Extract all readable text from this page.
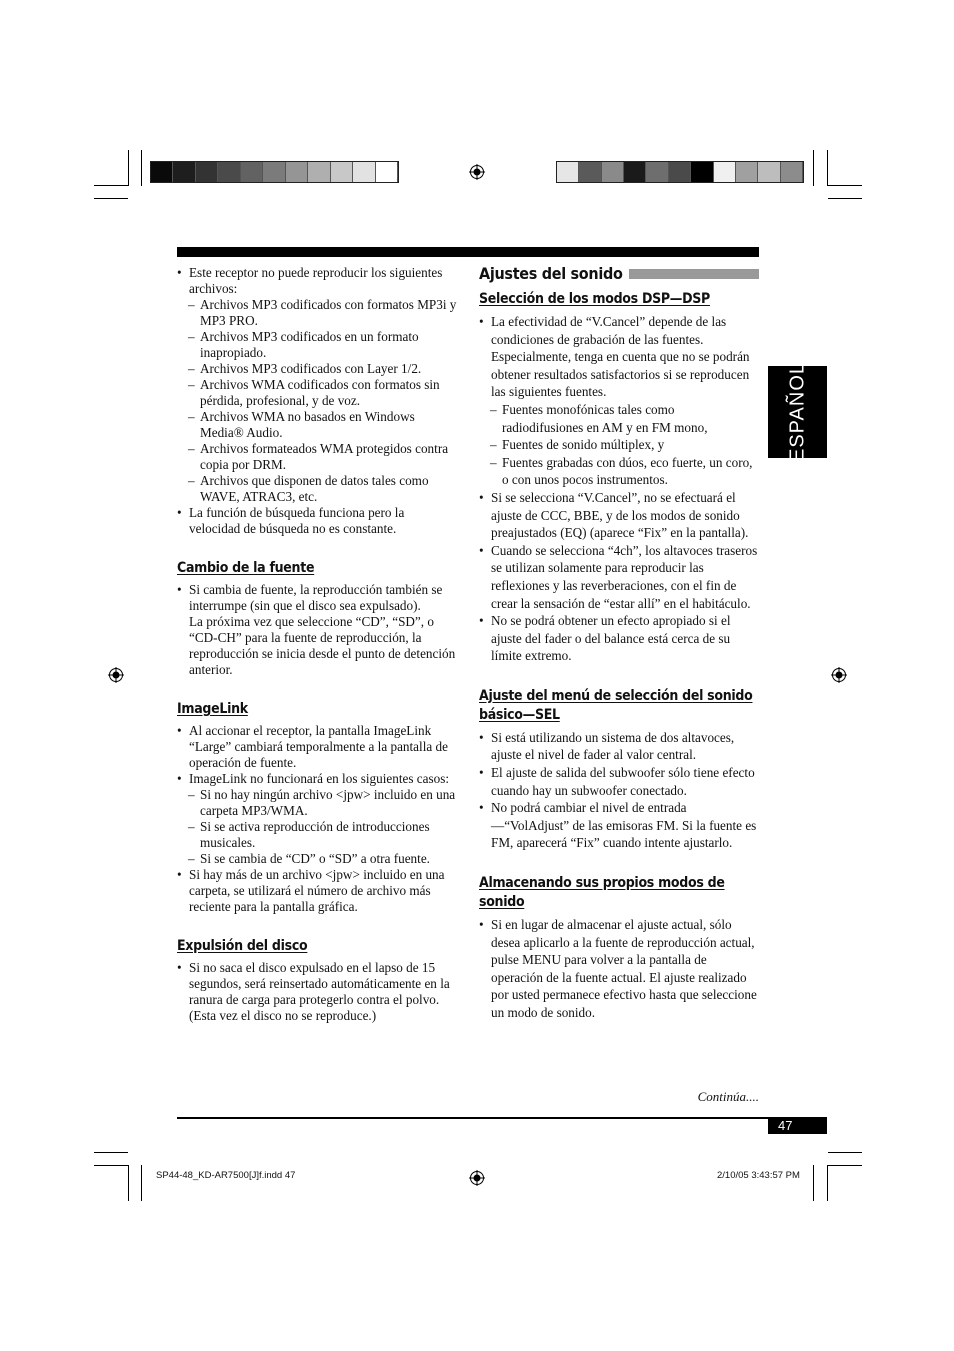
ESPAÑOL
• Este receptor no puede reproducir los siguientes archivos:
– Archivos MP3 codificados con formatos MP3i y MP3 PRO.
– Archivos MP3 codificados en un formato inapropiado.
– Archivos MP3 codificados con Layer 1/2.
– Archivos WMA codificados con formatos sin pérdida, profesional, y de voz.
– Archivos WMA no basados en Windows Media® Audio.
– Archivos formateados WMA protegidos contra copia por DRM.
– Archivos que disponen de datos tales como WAVE, ATRAC3, etc.
• La función de búsqueda funciona pero la velocidad de búsqueda no es constante.
Cambio de la fuente
• Si cambia de fuente, la reproducción también se interrumpe (sin que el disco sea expulsado).

La próxima vez que seleccione “CD”, “SD”, o “CD-CH” para la fuente de reproducción, la reproducción se inicia desde el punto de detención anterior.

ImageLink
• Al accionar el receptor, la pantalla ImageLink “Large” cambiará temporalmente a la pantalla de operación de fuente.
• ImageLink no funcionará en los siguientes casos:
– Si no hay ningún archivo <jpw> incluido en una carpeta MP3/WMA.
– Si se activa reproducción de introducciones musicales.
– Si se cambia de “CD” o “SD” a otra fuente.
• Si hay más de un archivo <jpw> incluido en una carpeta, se utilizará el número de archivo más reciente para la pantalla gráfica.
Expulsión del disco
• Si no saca el disco expulsado en el lapso de 15 segundos, será reinsertado automáticamente en la ranura de carga para protegerlo contra el polvo. (Esta vez el disco no se reproduce.)
Ajustes del sonido
Selección de los modos DSP—DSP
• La efectividad de “V.Cancel” depende de las condiciones de grabación de las fuentes. Especialmente, tenga en cuenta que no se podrán obtener resultados satisfactorios si se reproducen las siguientes fuentes.
– Fuentes monofónicas tales como radiodifusiones en AM y en FM mono,
– Fuentes de sonido múltiplex, y
– Fuentes grabadas con dúos, eco fuerte, un coro, o con unos pocos instrumentos.
• Si se selecciona “V.Cancel”, no se efectuará el ajuste de CCC, BBE, y de los modos de sonido preajustados (EQ) (aparece “Fix” en la pantalla).
• Cuando se selecciona “4ch”, los altavoces traseros se utilizan solamente para reproducir las reflexiones y las reverberaciones, con el fin de crear la sensación de “estar allí” en el habitáculo.
• No se podrá obtener un efecto apropiado si el ajuste del fader o del balance está cerca de su límite extremo.
Ajuste del menú de selección del sonido básico—SEL
• Si está utilizando un sistema de dos altavoces, ajuste el nivel de fader al valor central.
• El ajuste de salida del subwoofer sólo tiene efecto cuando hay un subwoofer conectado.
• No podrá cambiar el nivel de entrada—“VolAdjust” de las emisoras FM. Si la fuente es FM, aparecerá “Fix” cuando intente ajustarlo.
Almacenando sus propios modos de sonido
• Si en lugar de almacenar el ajuste actual, sólo desea aplicarlo a la fuente de reproducción actual, pulse MENU para volver a la pantalla de operación de la fuente actual. El ajuste realizado por usted permanece efectivo hasta que seleccione un modo de sonido.
Continúa....
47
SP44-48_KD-AR7500[J]f.indd 47	2/10/05 3:43:57 PM
